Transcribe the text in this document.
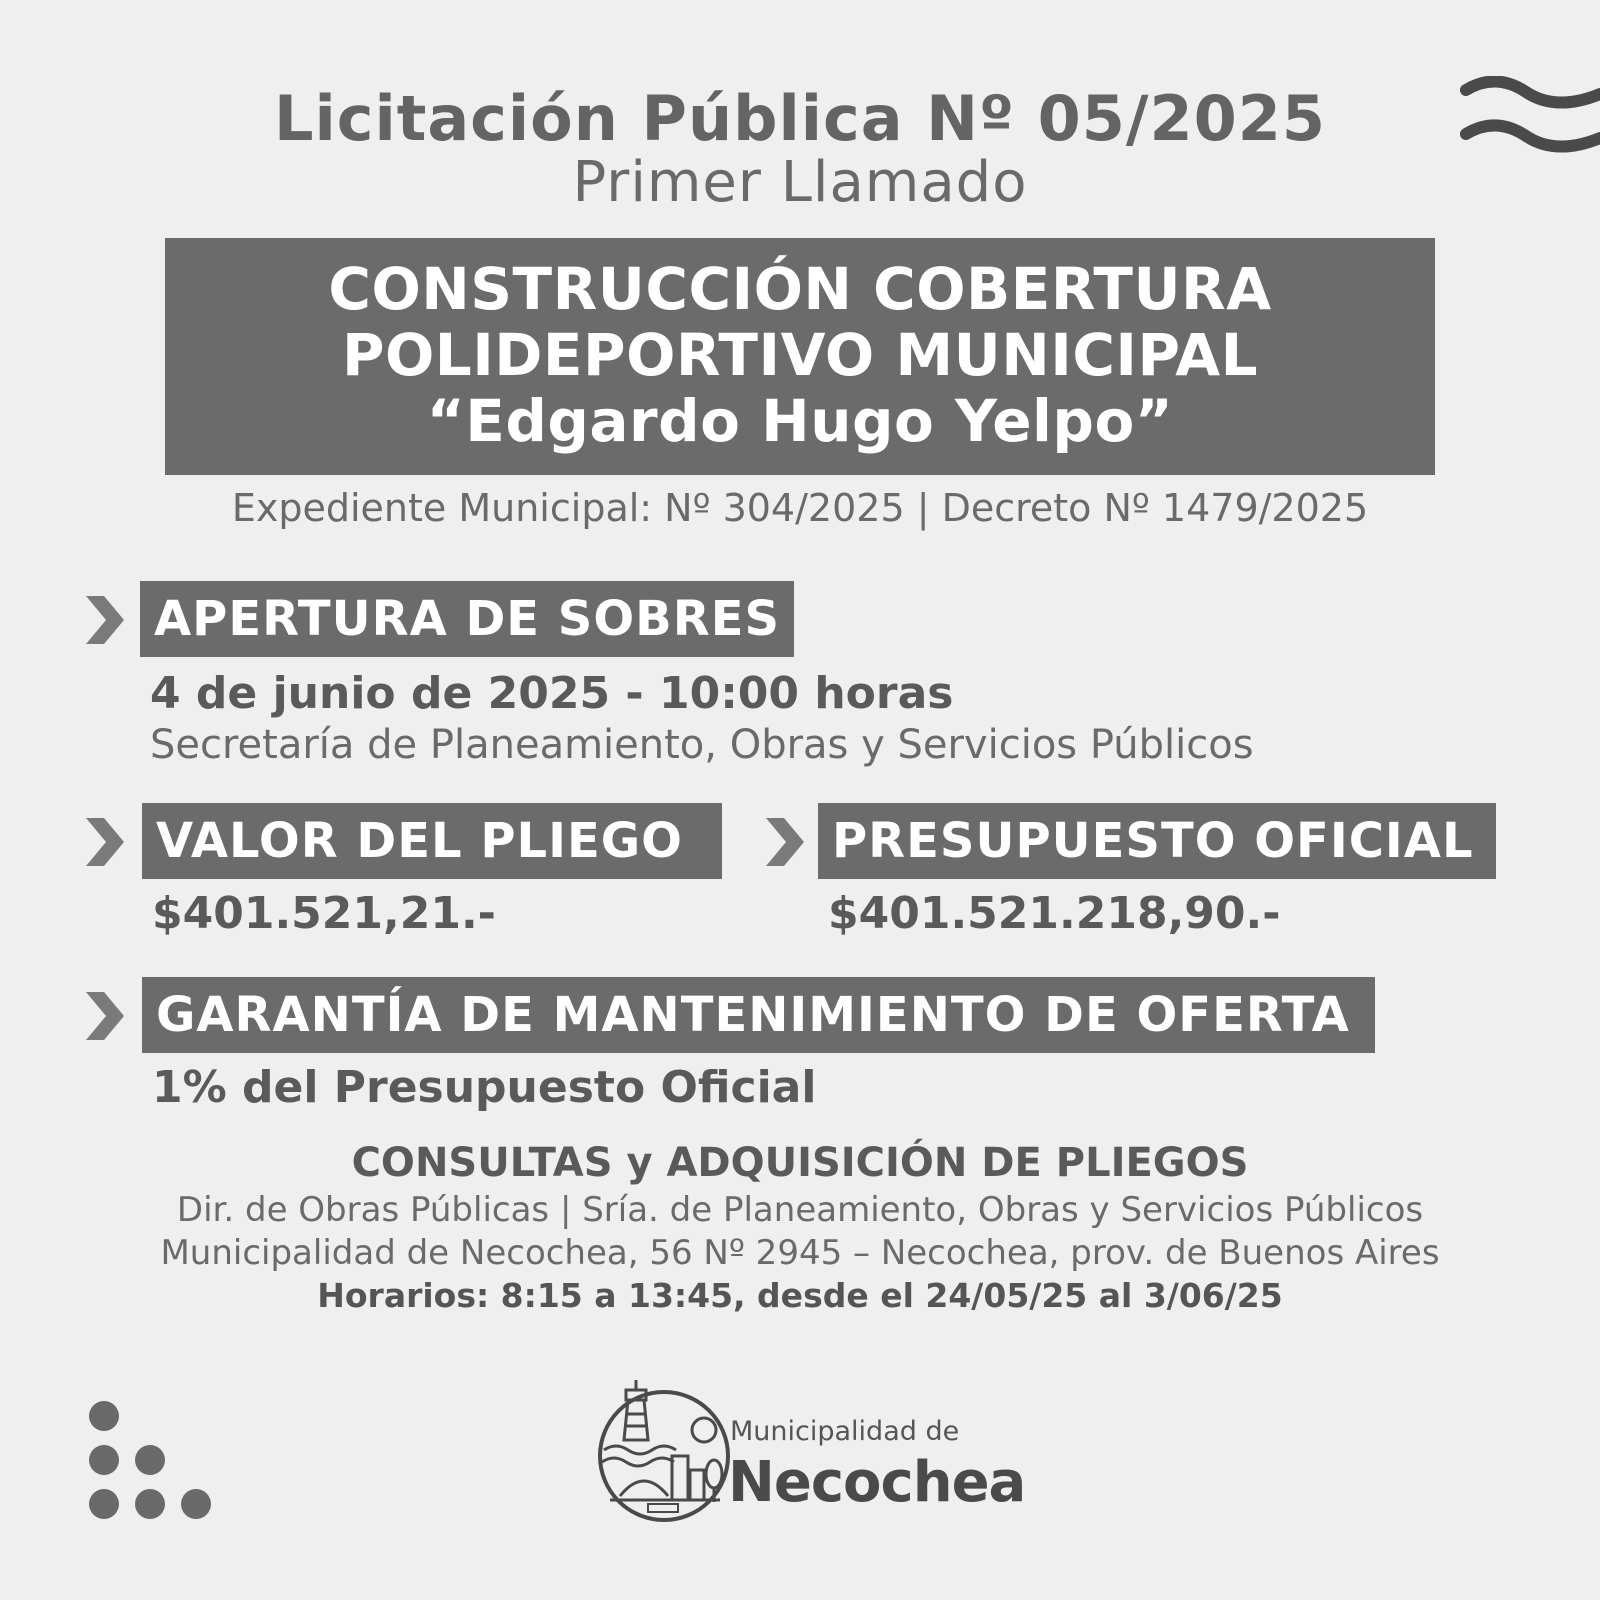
Licitación Pública Nº 05/2025
Primer Llamado
CONSTRUCCIÓN COBERTURA
POLIDEPORTIVO MUNICIPAL
“Edgardo Hugo Yelpo”
Expediente Municipal: Nº 304/2025 | Decreto Nº 1479/2025
APERTURA DE SOBRES
4 de junio de 2025 - 10:00 horas
Secretaría de Planeamiento, Obras y Servicios Públicos
VALOR DEL PLIEGO
$401.521,21.-
PRESUPUESTO OFICIAL
$401.521.218,90.-
GARANTÍA DE MANTENIMIENTO DE OFERTA
1% del Presupuesto Oficial
CONSULTAS y ADQUISICIÓN DE PLIEGOS
Dir. de Obras Públicas | Sría. de Planeamiento, Obras y Servicios Públicos
Municipalidad de Necochea, 56 Nº 2945 – Necochea, prov. de Buenos Aires
Horarios: 8:15 a 13:45, desde el 24/05/25 al 3/06/25
Municipalidad de
Necochea
